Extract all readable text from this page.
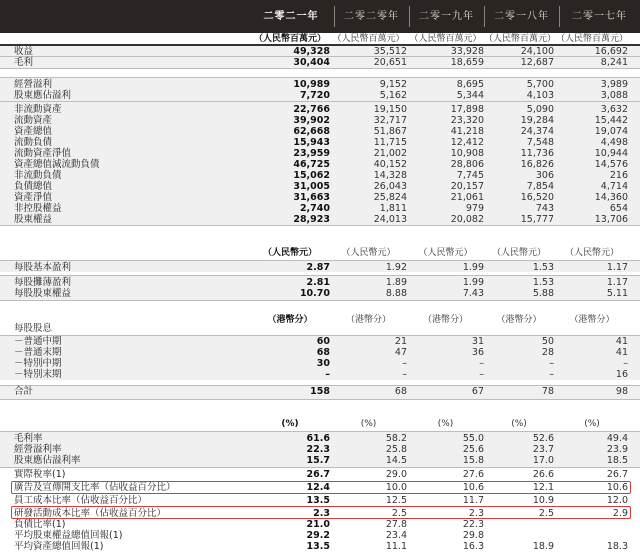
二零二一年	二零二零年	二零一九年	二零一八年	二零一七年
（人民幣百萬元） （人民幣百萬元） （人民幣百萬元） （人民幣百萬元） （人民幣百萬元）
收益	49,328	35,512	33,928	24,100	16,692
毛利	30,404	20,651	18,659	12,687	8,241
經營溢利	10,989	9,152	8,695	5,700	3,989
股東應佔溢利	7,720	5,162	5,344	4,103	3,088
非流動資產	22,766	19,150	17,898	5,090	3,632
流動資產	39,902	32,717	23,320	19,284	15,442
資產總值	62,668	51,867	41,218	24,374	19,074
流動負債	15,943	11,715	12,412	7,548	4,498
流動資產淨值	23,959	21,002	10,908	11,736	10,944
資產總值減流動負債	46,725	40,152	28,806	16,826	14,576
非流動負債	15,062	14,328	7,745	306	216
負債總值	31,005	26,043	20,157	7,854	4,714
資產淨值	31,663	25,824	21,061	16,520	14,360
非控股權益	2,740	1,811	979	743	654
股東權益	28,923	24,013	20,082	15,777	13,706
（人民幣元）	（人民幣元）	（人民幣元）	（人民幣元）	（人民幣元）
每股基本盈利	2.87	1.92	1.99	1.53	1.17
每股攤薄盈利	2.81	1.89	1.99	1.53	1.17
每股股東權益	10.70	8.88	7.43	5.88	5.11
（港幣分）	（港幣分）	（港幣分）	（港幣分）	（港幣分）
每股股息
－普通中期	60	21	31	50	41
－普通末期	68	47	36	28	41
－特別中期	30	–	–	–	–
－特別末期	–	–	–	–	16
合計	158	68	67	78	98
(%)	(%)	(%)	(%)	(%)
毛利率	61.6	58.2	55.0	52.6	49.4
經營溢利率	22.3	25.8	25.6	23.7	23.9
股東應佔溢利率	15.7	14.5	15.8	17.0	18.5
實際稅率(1)	26.7	29.0	27.6	26.6	26.7
廣告及宣傳開支比率（佔收益百分比）	12.4	10.0	10.6	12.1	10.6
員工成本比率（佔收益百分比）	13.5	12.5	11.7	10.9	12.0
研發活動成本比率（佔收益百分比）	2.3	2.5	2.3	2.5	2.9
負債比率(1)	21.0	27.8	22.3
平均股東權益總值回報(1)	29.2	23.4	29.8
平均資產總值回報(1)	13.5	11.1	16.3	18.9	18.3
